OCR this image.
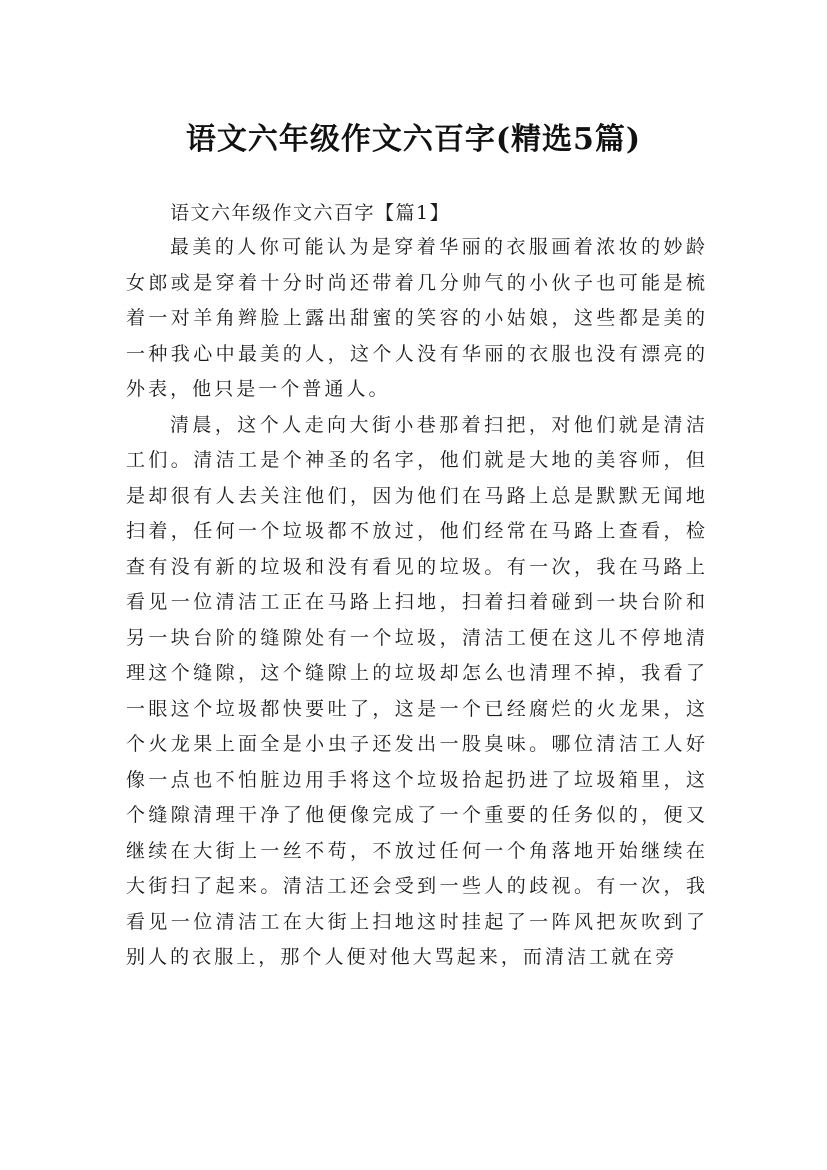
语文六年级作文六百字(精选5篇)

语文六年级作文六百字【篇1】

最美的人你可能认为是穿着华丽的衣服画着浓妆的妙龄女郎或是穿着十分时尚还带着几分帅气的小伙子也可能是梳着一对羊角辫脸上露出甜蜜的笑容的小姑娘，这些都是美的一种我心中最美的人，这个人没有华丽的衣服也没有漂亮的外表，他只是一个普通人。

清晨，这个人走向大街小巷那着扫把，对他们就是清洁工们。清洁工是个神圣的名字，他们就是大地的美容师，但是却很有人去关注他们，因为他们在马路上总是默默无闻地扫着，任何一个垃圾都不放过，他们经常在马路上查看，检查有没有新的垃圾和没有看见的垃圾。有一次，我在马路上看见一位清洁工正在马路上扫地，扫着扫着碰到一块台阶和另一块台阶的缝隙处有一个垃圾，清洁工便在这儿不停地清理这个缝隙，这个缝隙上的垃圾却怎么也清理不掉，我看了一眼这个垃圾都快要吐了，这是一个已经腐烂的火龙果，这个火龙果上面全是小虫子还发出一股臭味。哪位清洁工人好像一点也不怕脏边用手将这个垃圾拾起扔进了垃圾箱里，这个缝隙清理干净了他便像完成了一个重要的任务似的，便又继续在大街上一丝不苟，不放过任何一个角落地开始继续在大街扫了起来。清洁工还会受到一些人的歧视。有一次，我看见一位清洁工在大街上扫地这时挂起了一阵风把灰吹到了别人的衣服上，那个人便对他大骂起来，而清洁工就在旁
